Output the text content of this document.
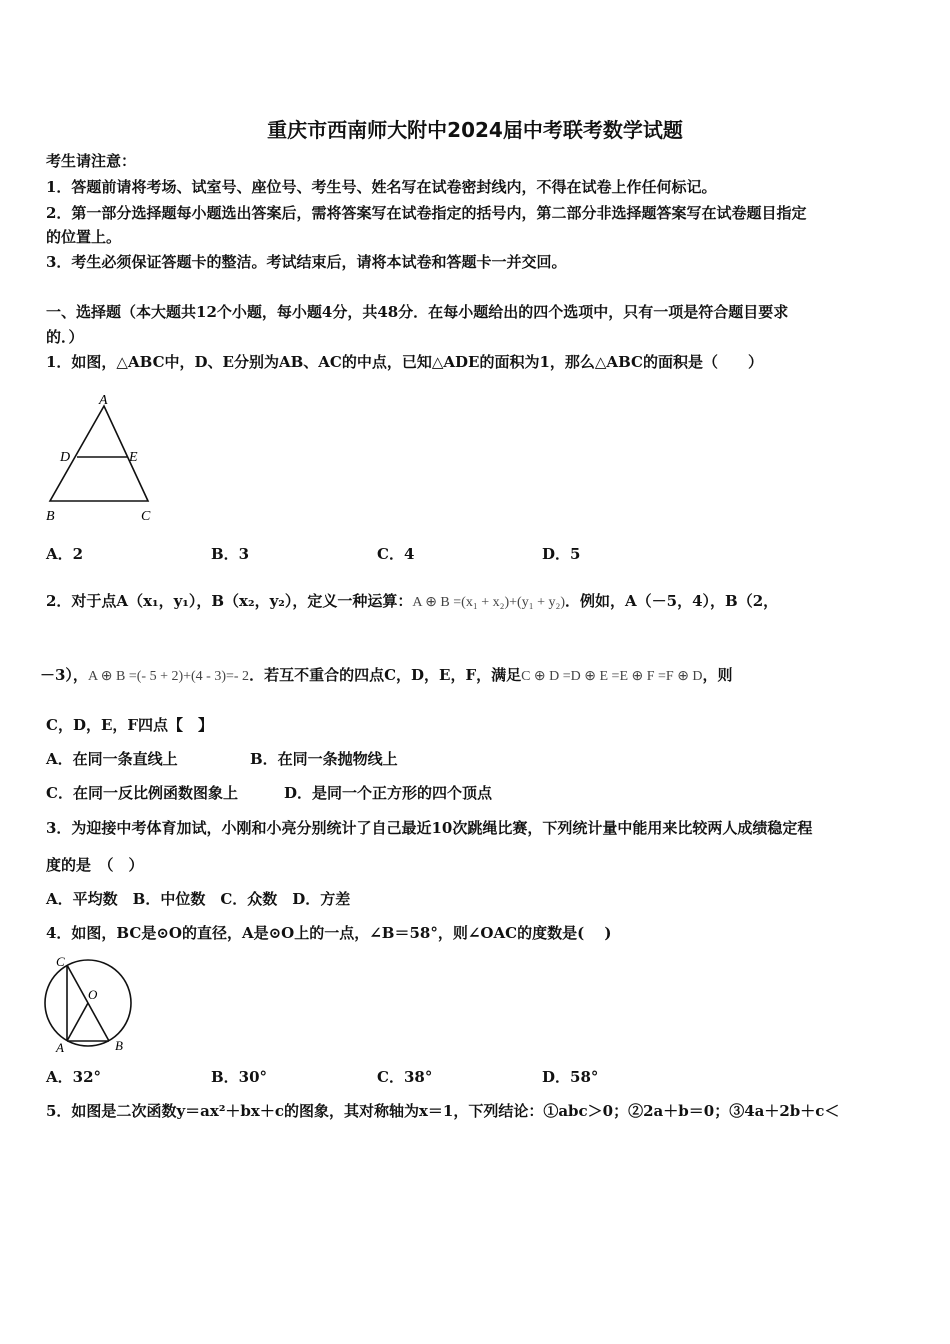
重庆市西南师大附中2024届中考联考数学试题
考生请注意：
1．答题前请将考场、试室号、座位号、考生号、姓名写在试卷密封线内，不得在试卷上作任何标记。
2．第一部分选择题每小题选出答案后，需将答案写在试卷指定的括号内，第二部分非选择题答案写在试卷题目指定
的位置上。
3．考生必须保证答题卡的整洁。考试结束后，请将本试卷和答题卡一并交回。
一、选择题（本大题共12个小题，每小题4分，共48分．在每小题给出的四个选项中，只有一项是符合题目要求
的．）
1．如图，△ABC中，D、E分别为AB、AC的中点，已知△ADE的面积为1，那么△ABC的面积是（　　）
A
D	E
B	C
A．2	B．3	C．4	D．5
2．对于点A（x₁，y₁），B（x₂，y₂），定义一种运算：A ⊕ B =(x₁ + x₂)+(y₁ + y₂)．例如，A（－5，4），B（2，
－3），A ⊕ B =(- 5 + 2)+(4 - 3)=- 2．若互不重合的四点C，D，E，F，满足C ⊕ D =D ⊕ E =E ⊕ F =F ⊕ D，则
C，D，E，F四点【　】
A．在同一条直线上	B．在同一条抛物线上
C．在同一反比例函数图象上	D．是同一个正方形的四个顶点
3．为迎接中考体育加试，小刚和小亮分别统计了自己最近10次跳绳比赛，下列统计量中能用来比较两人成绩稳定程
度的是　（　）
A．平均数　B．中位数　C．众数　D．方差
4．如图，BC是⊙O的直径，A是⊙O上的一点，∠B＝58°，则∠OAC的度数是(　 )
C
O
A	B
A．32°	B．30°	C．38°	D．58°
5．如图是二次函数y＝ax²＋bx＋c的图象，其对称轴为x＝1，下列结论：①abc＞0；②2a＋b＝0；③4a＋2b＋c＜
